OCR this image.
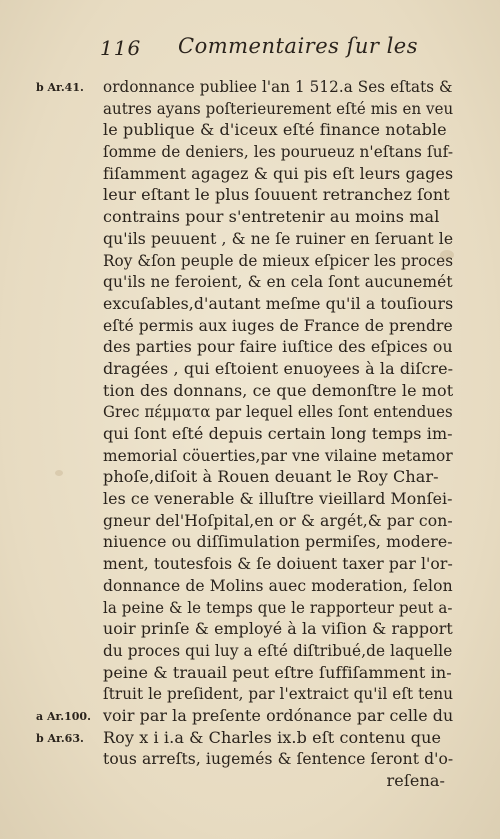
116 Commentaires ſur les
b Ar.41.
a Ar.100.
b Ar.63.
ordonnance publiee l'an 1 512.a Ses eſtats &
autres ayans poſterieurement eſté mis en veu
le publique & d'iceux eſté finance notable
ſomme de deniers, les pourueuz n'eſtans ſuf-
fiſamment agagez & qui pis eſt leurs gages
leur eſtant le plus ſouuent retranchez ſont
contrains pour s'entretenir au moins mal
qu'ils peuuent , & ne ſe ruiner en ſeruant le
Roy &ſon peuple de mieux eſpicer les proces
qu'ils ne feroient, & en cela ſont aucunemét
excuſables,d'autant meſme qu'il a touſiours
eſté permis aux iuges de France de prendre
des parties pour faire iuſtice des eſpices ou
dragées , qui eſtoient enuoyees à la diſcre-
tion des donnans, ce que demonſtre le mot
Grec πέμματα par lequel elles ſont entendues
qui ſont eſté depuis certain long temps im-
memorial cöuerties,par vne vilaine metamor
phoſe,diſoit à Rouen deuant le Roy Char-
les ce venerable & illuſtre vieillard Monſei-
gneur del'Hoſpital,en or & argét,& par con-
niuence ou diſſimulation permiſes, modere-
ment, toutesfois & ſe doiuent taxer par l'or-
donnance de Molins auec moderation, ſelon
la peine & le temps que le rapporteur peut a-
uoir prinſe & employé à la viſion & rapport
du proces qui luy a eſté diſtribué,de laquelle
peine & trauail peut eſtre ſuffiſamment in-
ſtruit le preſident, par l'extraict qu'il eſt tenu
voir par la preſente ordónance par celle du
Roy x i i.a & Charles ix.b eſt contenu que
tous arreſts, iugemés & ſentence ſeront d'o-
reſena-
